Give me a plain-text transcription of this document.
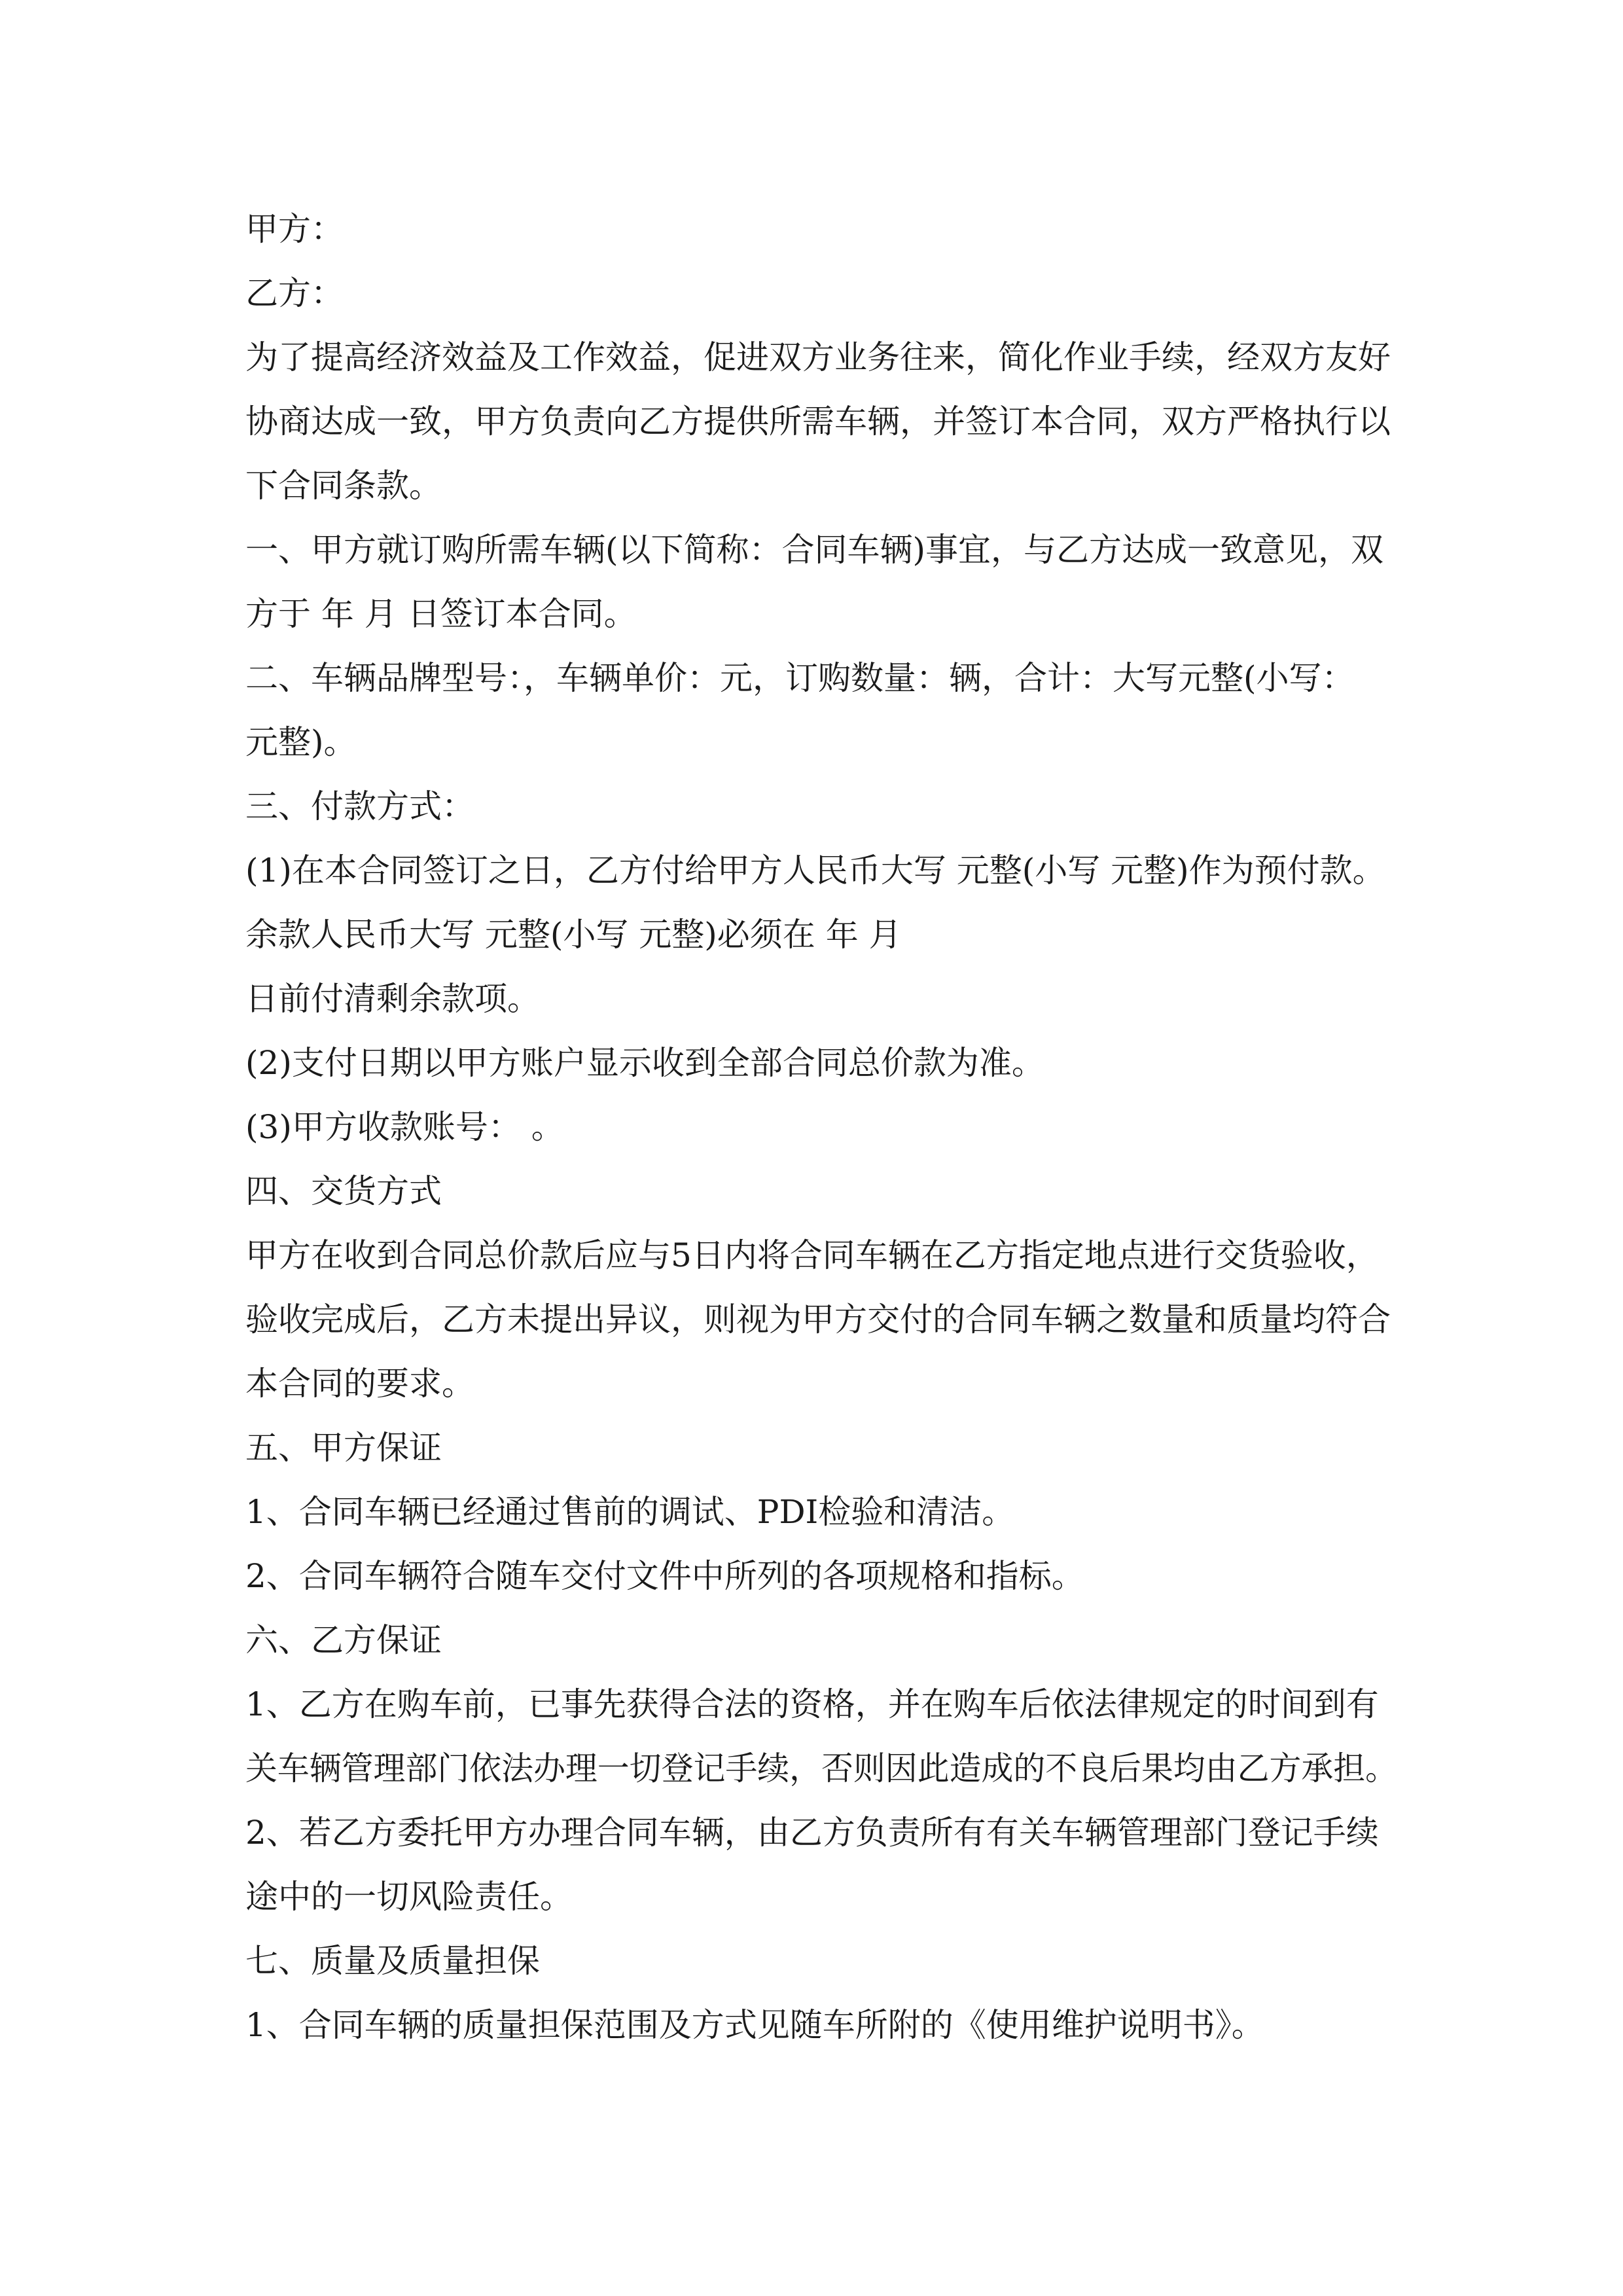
甲方：
乙方：
为了提高经济效益及工作效益，促进双方业务往来，简化作业手续，经双方友好
协商达成一致，甲方负责向乙方提供所需车辆，并签订本合同，双方严格执行以
下合同条款。
一、甲方就订购所需车辆(以下简称：合同车辆)事宜，与乙方达成一致意见，双
方于 年 月 日签订本合同。
二、车辆品牌型号：，车辆单价：元，订购数量：辆，合计：大写元整(小写：
元整)。
三、付款方式：
(1)在本合同签订之日，乙方付给甲方人民币大写 元整(小写 元整)作为预付款。
余款人民币大写 元整(小写 元整)必须在 年 月
日前付清剩余款项。
(2)支付日期以甲方账户显示收到全部合同总价款为准。
(3)甲方收款账号： 。
四、交货方式
甲方在收到合同总价款后应与5日内将合同车辆在乙方指定地点进行交货验收，
验收完成后，乙方未提出异议，则视为甲方交付的合同车辆之数量和质量均符合
本合同的要求。
五、甲方保证
1、合同车辆已经通过售前的调试、PDI检验和清洁。
2、合同车辆符合随车交付文件中所列的各项规格和指标。
六、乙方保证
1、乙方在购车前，已事先获得合法的资格，并在购车后依法律规定的时间到有
关车辆管理部门依法办理一切登记手续，否则因此造成的不良后果均由乙方承担。
2、若乙方委托甲方办理合同车辆，由乙方负责所有有关车辆管理部门登记手续
途中的一切风险责任。
七、质量及质量担保
1、合同车辆的质量担保范围及方式见随车所附的《使用维护说明书》。
